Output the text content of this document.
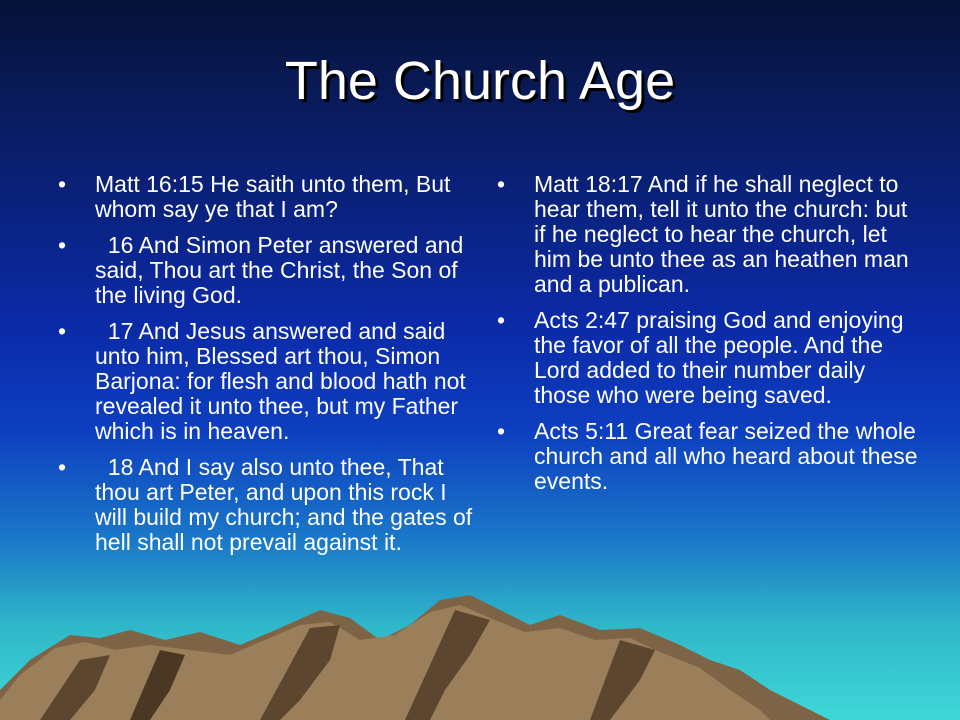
The Church Age
• Matt 16:15 He saith unto them, But whom say ye that I am?
• 16 And Simon Peter answered and said, Thou art the Christ, the Son of the living God.
• 17 And Jesus answered and said unto him, Blessed art thou, Simon Barjona: for flesh and blood hath not revealed it unto thee, but my Father which is in heaven.
• 18 And I say also unto thee, That thou art Peter, and upon this rock I will build my church; and the gates of hell shall not prevail against it.
• Matt 18:17 And if he shall neglect to hear them, tell it unto the church: but if he neglect to hear the church, let him be unto thee as an heathen man and a publican.
• Acts 2:47 praising God and enjoying the favor of all the people. And the Lord added to their number daily those who were being saved.
• Acts 5:11 Great fear seized the whole church and all who heard about these events.
